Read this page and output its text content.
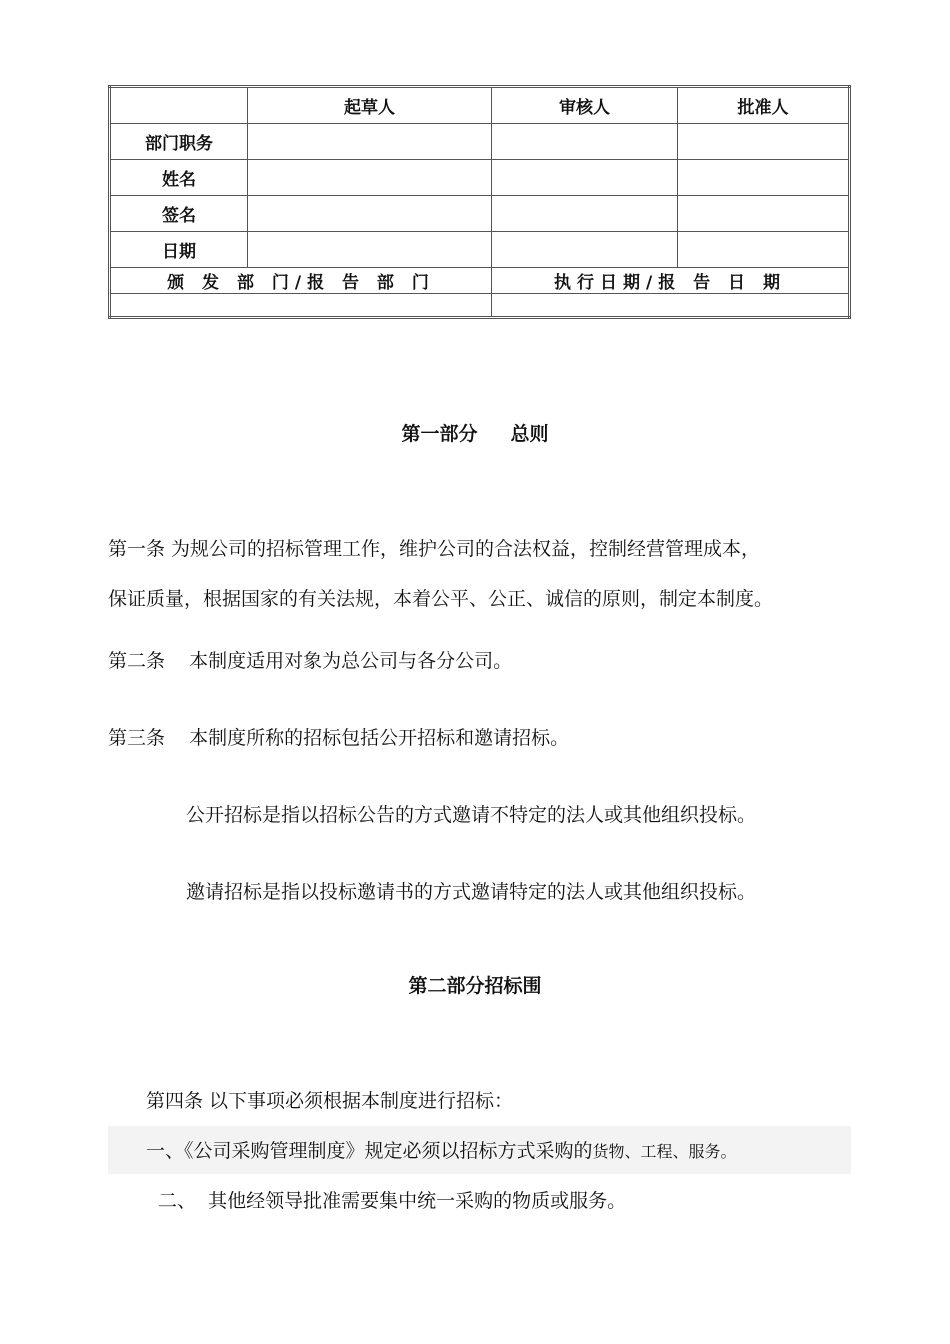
	起草人	审核人	批准人
部门职务			
姓名			
签名			
日期			
颁 发 部 门/报 告 部 门		执行日期/报 告 日 期	

第一部分     总则
第一条 为规公司的招标管理工作，维护公司的合法权益，控制经营管理成本，
保证质量，根据国家的有关法规，本着公平、公正、诚信的原则，制定本制度。
第二条    本制度适用对象为总公司与各分公司。
第三条    本制度所称的招标包括公开招标和邀请招标。
公开招标是指以招标公告的方式邀请不特定的法人或其他组织投标。
邀请招标是指以投标邀请书的方式邀请特定的法人或其他组织投标。
第二部分招标围
第四条 以下事项必须根据本制度进行招标：
一、《公司采购管理制度》规定必须以招标方式采购的货物、工程、服务。
二、  其他经领导批准需要集中统一采购的物质或服务。
